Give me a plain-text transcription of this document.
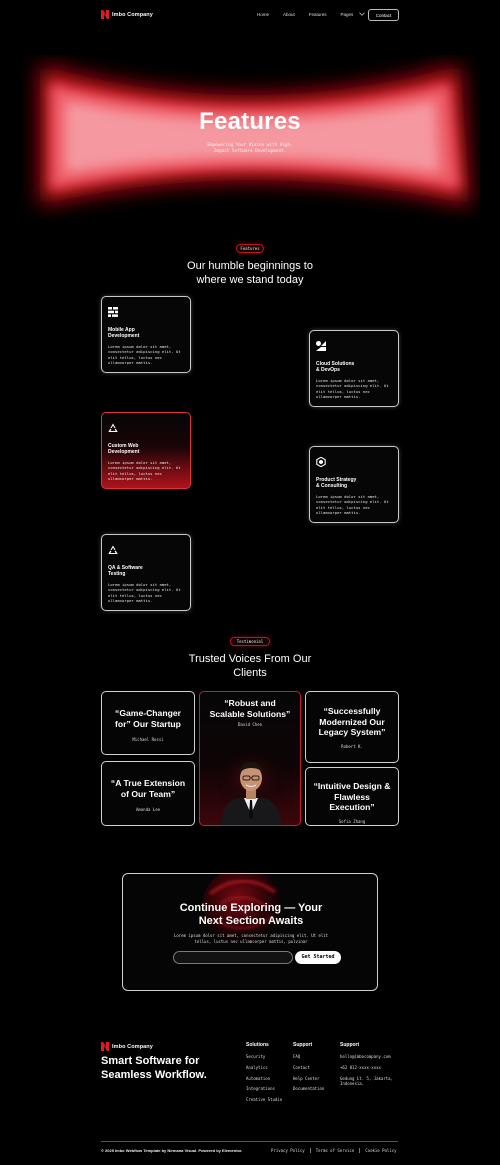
Imbo Company	Home	About	Features	Pages	Contact
Features
Empowering Your Vision with High-Impact Software Development.
Features
Our humble beginnings to
where we stand today
Mobile App
Development
Lorem ipsum dolor sit amet, consectetur adipiscing elit. Ut elit tellus, luctus nec ullamcorper mattis.	Cloud Solutions
& DevOps
Lorem ipsum dolor sit amet, consectetur adipiscing elit. Ut elit tellus, luctus nec ullamcorper mattis.
Custom Web
Development
Lorem ipsum dolor sit amet, consectetur adipiscing elit. Ut elit tellus, luctus nec ullamcorper mattis.	Product Strategy
& Consulting
Lorem ipsum dolor sit amet, consectetur adipiscing elit. Ut elit tellus, luctus nec ullamcorper mattis.
QA & Software
Testing
Lorem ipsum dolor sit amet, consectetur adipiscing elit. Ut elit tellus, luctus nec ullamcorper mattis.
Testimonial
Trusted Voices From Our
Clients
“Game-Changer for” Our Startup
Michael Rossi
“Robust and Scalable Solutions”
David Chen
“Successfully Modernized Our Legacy System”
Robert K.
“A True Extension of Our Team”
Amanda Lee
“Intuitive Design & Flawless Execution”
Sofia Zhang
Continue Exploring — Your
Next Section Awaits
Lorem ipsum dolor sit amet, consectetur adipiscing elit. Ut elit tellus, luctus nec ullamcorper mattis, pulvinar
Get Started
Imbo Company
Smart Software for
Seamless Workflow.
Solutions
Security
Analytics
Automation
Integrations
Creative Studio
Support
FAQ
Contact
Help Center
Documentation
Support
hello@imbocompany.com
+62 812-xxxx-xxxx
Gedung Lt. 5, Jakarta,
Indonesia.
© 2025 Imbo Webflow Template by Nirmana Visual. Powered by Elementor.	Privacy Policy	Terms of Service	Cookie Policy
